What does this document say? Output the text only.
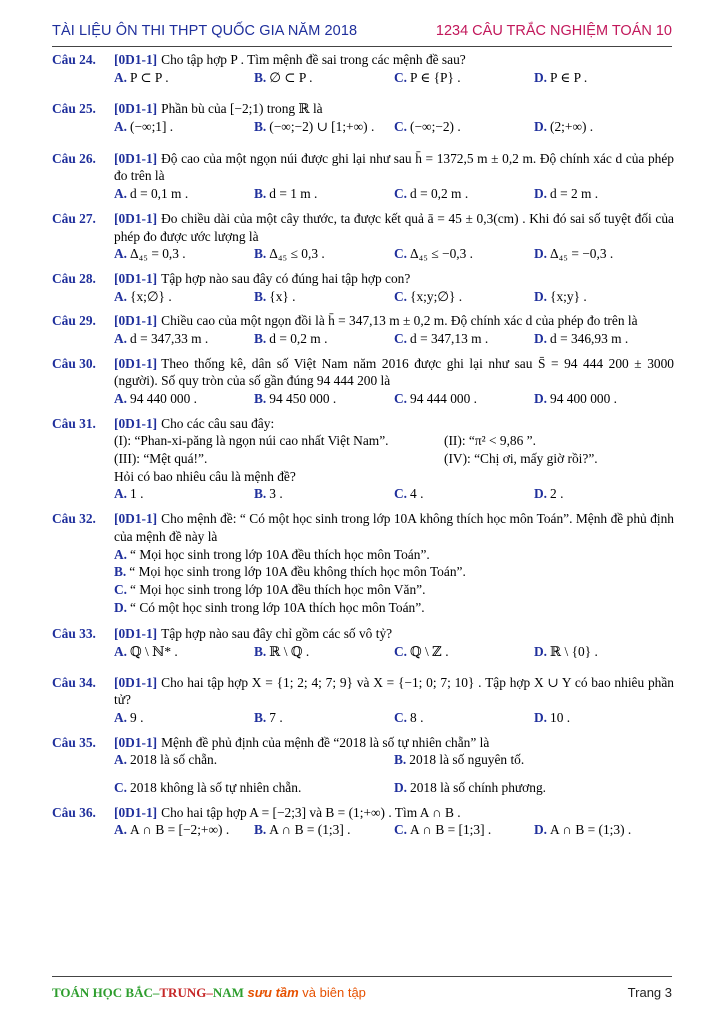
TÀI LIỆU ÔN THI THPT QUỐC GIA NĂM 2018	1234 CÂU TRẮC NGHIỆM TOÁN 10
Câu 24. [0D1-1] Cho tập hợp P . Tìm mệnh đề sai trong các mệnh đề sau?
A. P ⊂ P .	B. ∅ ⊂ P .	C. P ∈ {P} .	D. P ∈ P .
Câu 25. [0D1-1] Phần bù của [−2;1) trong ℝ là
A. (−∞;1] .	B. (−∞;−2) ∪ [1;+∞) .	C. (−∞;−2) .	D. (2;+∞) .
Câu 26. [0D1-1] Độ cao của một ngọn núi được ghi lại như sau h̄ = 1372,5 m ± 0,2 m. Độ chính xác d của phép đo trên là
A. d = 0,1 m .	B. d = 1 m .	C. d = 0,2 m .	D. d = 2 m .
Câu 27. [0D1-1] Đo chiều dài của một cây thước, ta được kết quả ā = 45 ± 0,3(cm) . Khi đó sai số tuyệt đối của phép đo được ước lượng là
A. Δ₄₅ = 0,3 .	B. Δ₄₅ ≤ 0,3 .	C. Δ₄₅ ≤ −0,3 .	D. Δ₄₅ = −0,3 .
Câu 28. [0D1-1] Tập hợp nào sau đây có đúng hai tập hợp con?
A. {x;∅} .	B. {x} .	C. {x;y;∅} .	D. {x;y} .
Câu 29. [0D1-1] Chiều cao của một ngọn đồi là h̄ = 347,13 m ± 0,2 m. Độ chính xác d của phép đo trên là
A. d = 347,33 m .	B. d = 0,2 m .	C. d = 347,13 m .	D. d = 346,93 m .
Câu 30. [0D1-1] Theo thống kê, dân số Việt Nam năm 2016 được ghi lại như sau S̄ = 94 444 200 ± 3000 (người). Số quy tròn của số gần đúng 94 444 200 là
A. 94 440 000 .	B. 94 450 000 .	C. 94 444 000 .	D. 94 400 000 .
Câu 31. [0D1-1] Cho các câu sau đây:
(I): “Phan-xi-păng là ngọn núi cao nhất Việt Nam”.	(II): “π² < 9,86 ”.
(III): “Mệt quá!”.	(IV): “Chị ơi, mấy giờ rồi?”.
Hỏi có bao nhiêu câu là mệnh đề?
A. 1 .	B. 3 .	C. 4 .	D. 2 .
Câu 32. [0D1-1] Cho mệnh đề: “ Có một học sinh trong lớp 10A không thích học môn Toán”. Mệnh đề phủ định của mệnh đề này là
A. “ Mọi học sinh trong lớp 10A đều thích học môn Toán”.
B. “ Mọi học sinh trong lớp 10A đều không thích học môn Toán”.
C. “ Mọi học sinh trong lớp 10A đều thích học môn Văn”.
D. “ Có một học sinh trong lớp 10A thích học môn Toán”.
Câu 33. [0D1-1] Tập hợp nào sau đây chỉ gồm các số vô tỷ?
A. ℚ \ ℕ* .	B. ℝ \ ℚ .	C. ℚ \ ℤ .	D. ℝ \ {0} .
Câu 34. [0D1-1] Cho hai tập hợp X = {1; 2; 4; 7; 9} và X = {−1; 0; 7; 10} . Tập hợp X ∪ Y có bao nhiêu phần tử?
A. 9 .	B. 7 .	C. 8 .	D. 10 .
Câu 35. [0D1-1] Mệnh đề phủ định của mệnh đề “2018 là số tự nhiên chẵn” là
A. 2018 là số chẵn.	B. 2018 là số nguyên tố.
C. 2018 không là số tự nhiên chẵn.	D. 2018 là số chính phương.
Câu 36. [0D1-1] Cho hai tập hợp A = [−2;3] và B = (1;+∞) . Tìm A ∩ B .
A. A ∩ B = [−2;+∞) .	B. A ∩ B = (1;3] .	C. A ∩ B = [1;3] .	D. A ∩ B = (1;3) .
TOÁN HỌC BẮC–TRUNG–NAM sưu tầm và biên tập	Trang 3
